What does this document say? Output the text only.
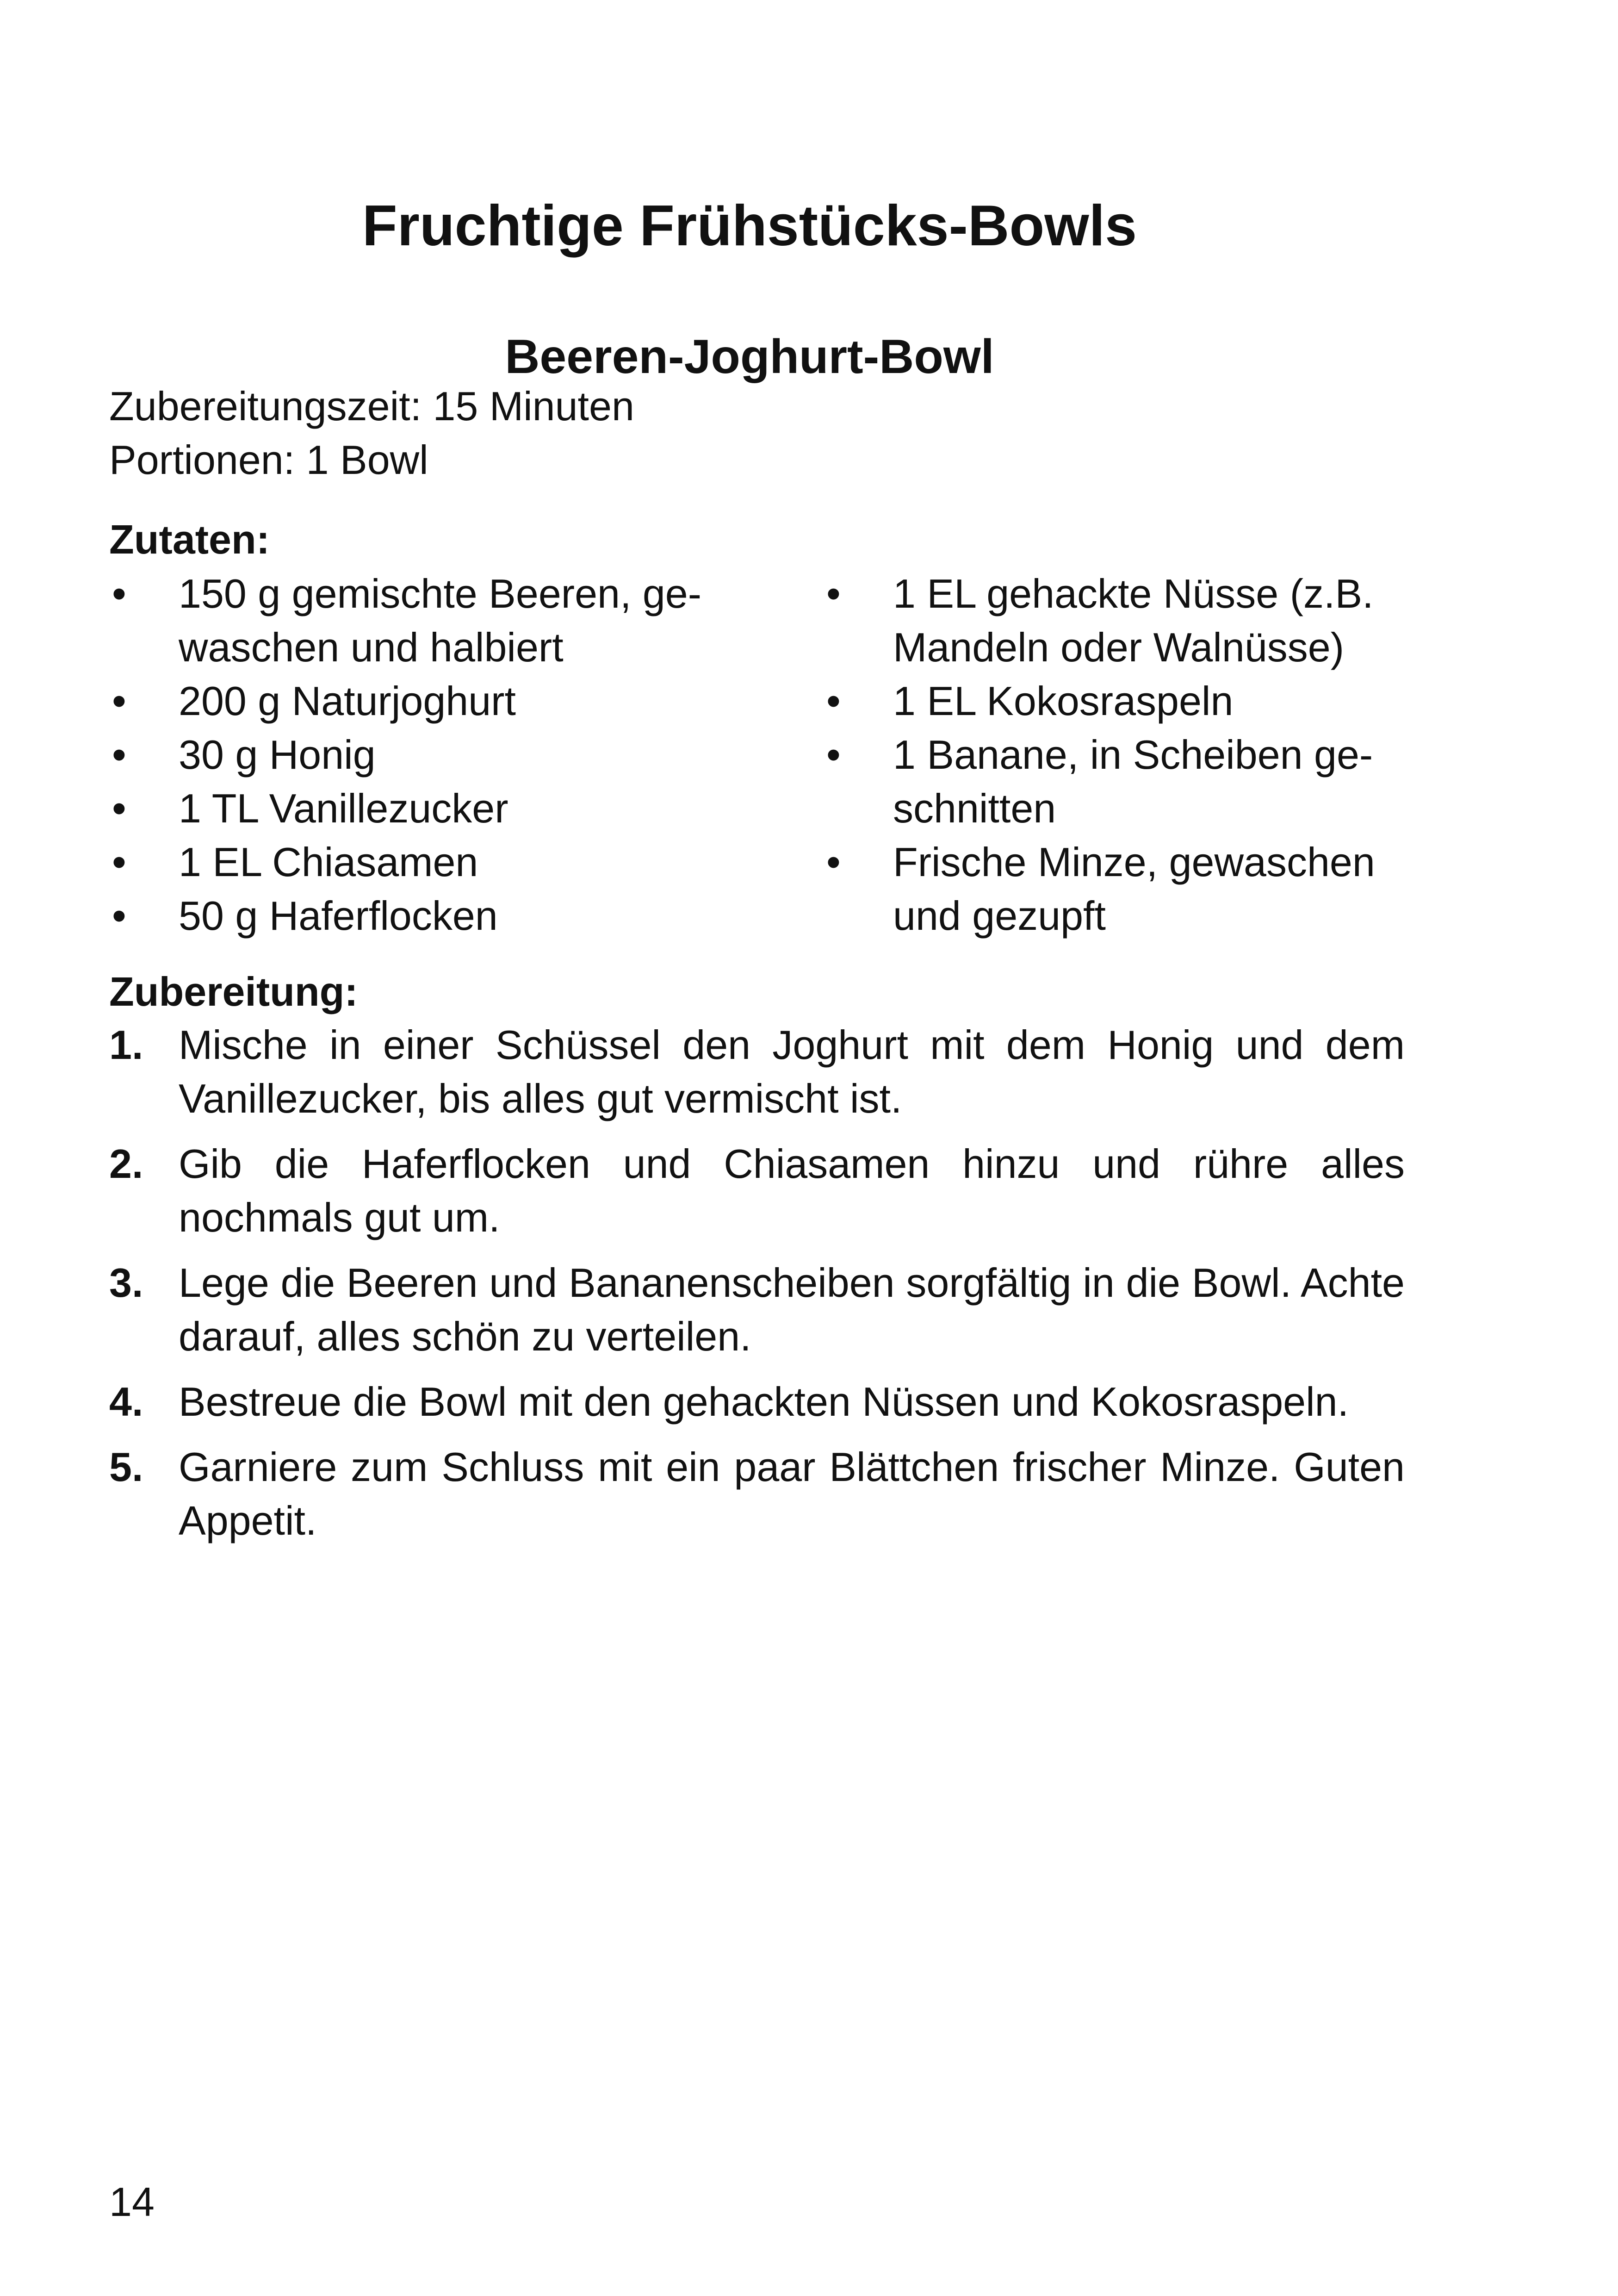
Fruchtige Frühstücks-Bowls
Beeren-Joghurt-Bowl
Zubereitungszeit: 15 Minuten
Portionen: 1 Bowl
Zutaten:
• 150 g gemischte Beeren, gewaschen und halbiert
• 200 g Naturjoghurt
• 30 g Honig
• 1 TL Vanillezucker
• 1 EL Chiasamen
• 50 g Haferflocken
• 1 EL gehackte Nüsse (z.B. Mandeln oder Walnüsse)
• 1 EL Kokosraspeln
• 1 Banane, in Scheiben geschnitten
• Frische Minze, gewaschen und gezupft
Zubereitung:
1. Mische in einer Schüssel den Joghurt mit dem Honig und dem Vanillezucker, bis alles gut vermischt ist.
2. Gib die Haferflocken und Chiasamen hinzu und rühre alles nochmals gut um.
3. Lege die Beeren und Bananenscheiben sorgfältig in die Bowl. Achte darauf, alles schön zu verteilen.
4. Bestreue die Bowl mit den gehackten Nüssen und Kokosraspeln.
5. Garniere zum Schluss mit ein paar Blättchen frischer Minze. Guten Appetit.
14
